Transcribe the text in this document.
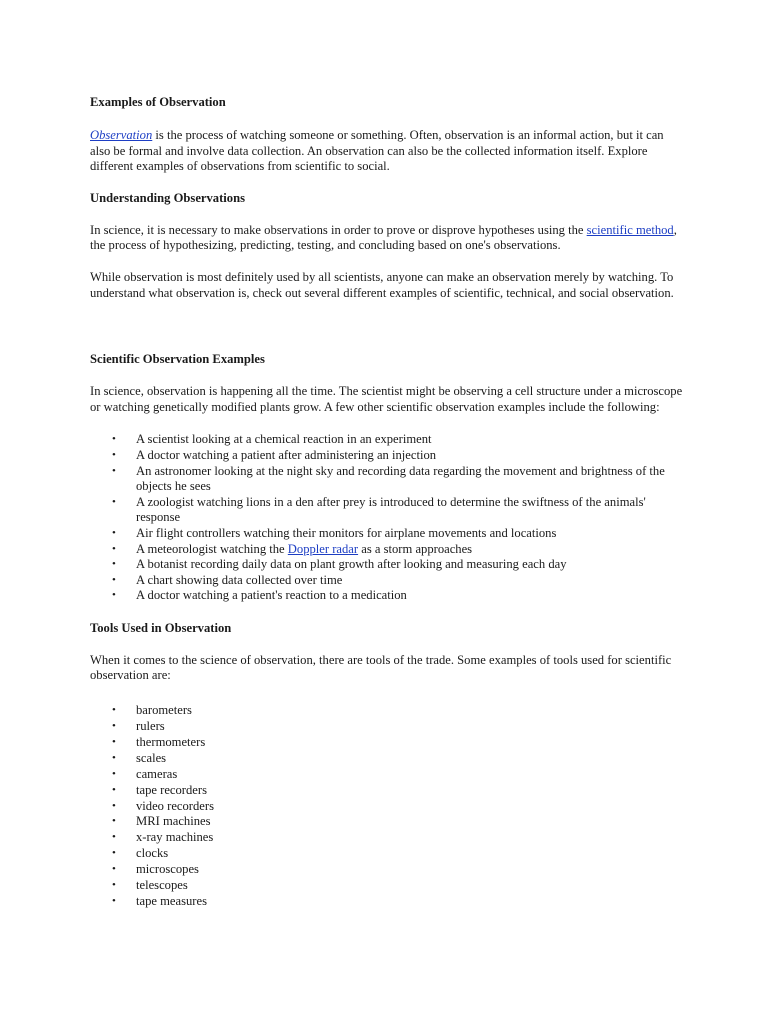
Examples of Observation

Observation is the process of watching someone or something. Often, observation is an informal action, but it can also be formal and involve data collection. An observation can also be the collected information itself. Explore different examples of observations from scientific to social.

Understanding Observations

In science, it is necessary to make observations in order to prove or disprove hypotheses using the scientific method, the process of hypothesizing, predicting, testing, and concluding based on one's observations.

While observation is most definitely used by all scientists, anyone can make an observation merely by watching. To understand what observation is, check out several different examples of scientific, technical, and social observation.

Scientific Observation Examples

In science, observation is happening all the time. The scientist might be observing a cell structure under a microscope or watching genetically modified plants grow. A few other scientific observation examples include the following:

• A scientist looking at a chemical reaction in an experiment
• A doctor watching a patient after administering an injection
• An astronomer looking at the night sky and recording data regarding the movement and brightness of the objects he sees
• A zoologist watching lions in a den after prey is introduced to determine the swiftness of the animals' response
• Air flight controllers watching their monitors for airplane movements and locations
• A meteorologist watching the Doppler radar as a storm approaches
• A botanist recording daily data on plant growth after looking and measuring each day
• A chart showing data collected over time
• A doctor watching a patient's reaction to a medication
Tools Used in Observation

When it comes to the science of observation, there are tools of the trade. Some examples of tools used for scientific observation are:

• barometers
• rulers
• thermometers
• scales
• cameras
• tape recorders
• video recorders
• MRI machines
• x-ray machines
• clocks
• microscopes
• telescopes
• tape measures
